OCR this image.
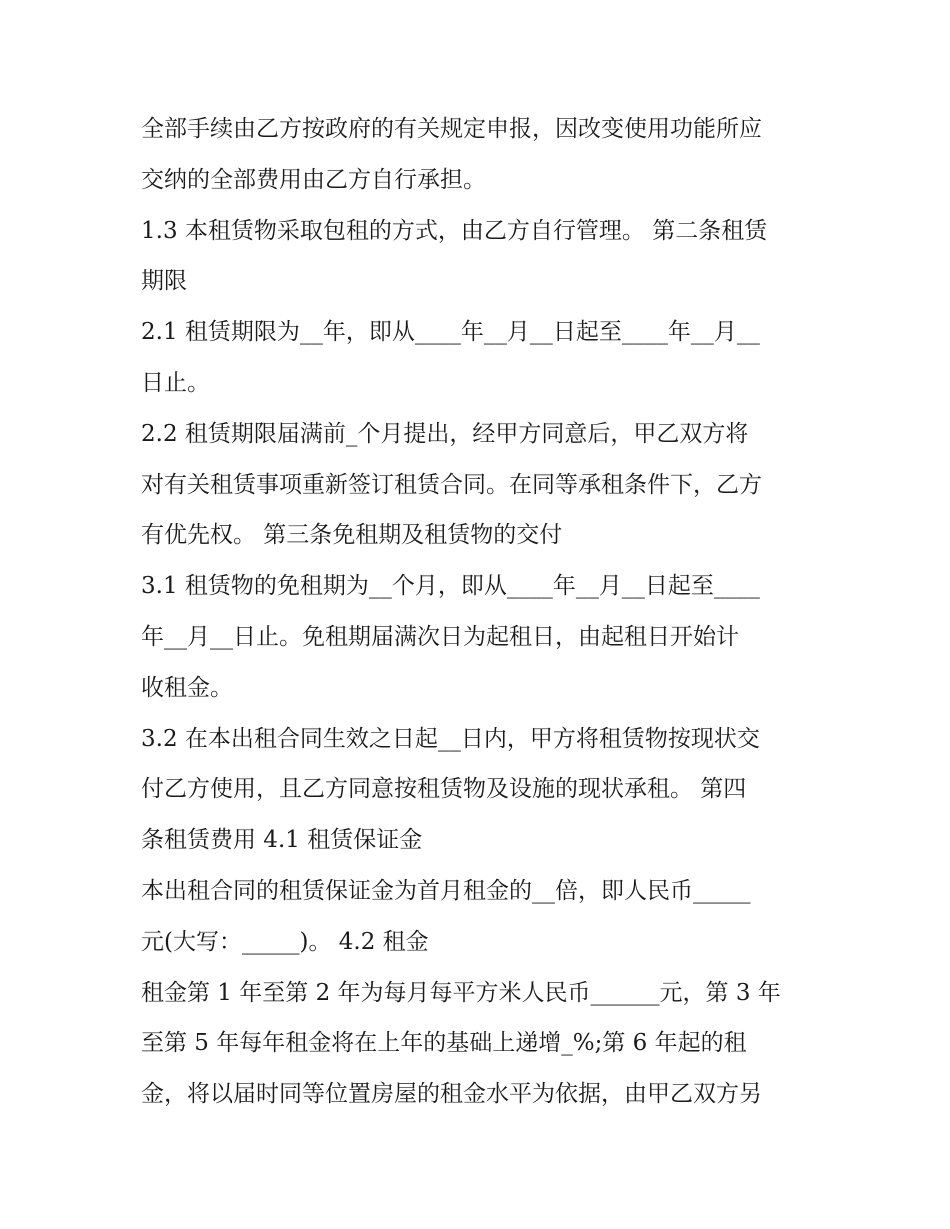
全部手续由乙方按政府的有关规定申报，因改变使用功能所应
交纳的全部费用由乙方自行承担。
1.3 本租赁物采取包租的方式，由乙方自行管理。 第二条租赁
期限
2.1 租赁期限为__年，即从____年__月__日起至____年__月__
日止。
2.2 租赁期限届满前_个月提出，经甲方同意后，甲乙双方将
对有关租赁事项重新签订租赁合同。在同等承租条件下，乙方
有优先权。 第三条免租期及租赁物的交付
3.1 租赁物的免租期为__个月，即从____年__月__日起至____
年__月__日止。免租期届满次日为起租日，由起租日开始计
收租金。
3.2 在本出租合同生效之日起__日内，甲方将租赁物按现状交
付乙方使用，且乙方同意按租赁物及设施的现状承租。 第四
条租赁费用 4.1 租赁保证金
本出租合同的租赁保证金为首月租金的__倍，即人民币_____
元(大写：_____)。 4.2 租金
租金第 1 年至第 2 年为每月每平方米人民币______元，第 3 年
至第 5 年每年租金将在上年的基础上递增_%;第 6 年起的租
金，将以届时同等位置房屋的租金水平为依据，由甲乙双方另
